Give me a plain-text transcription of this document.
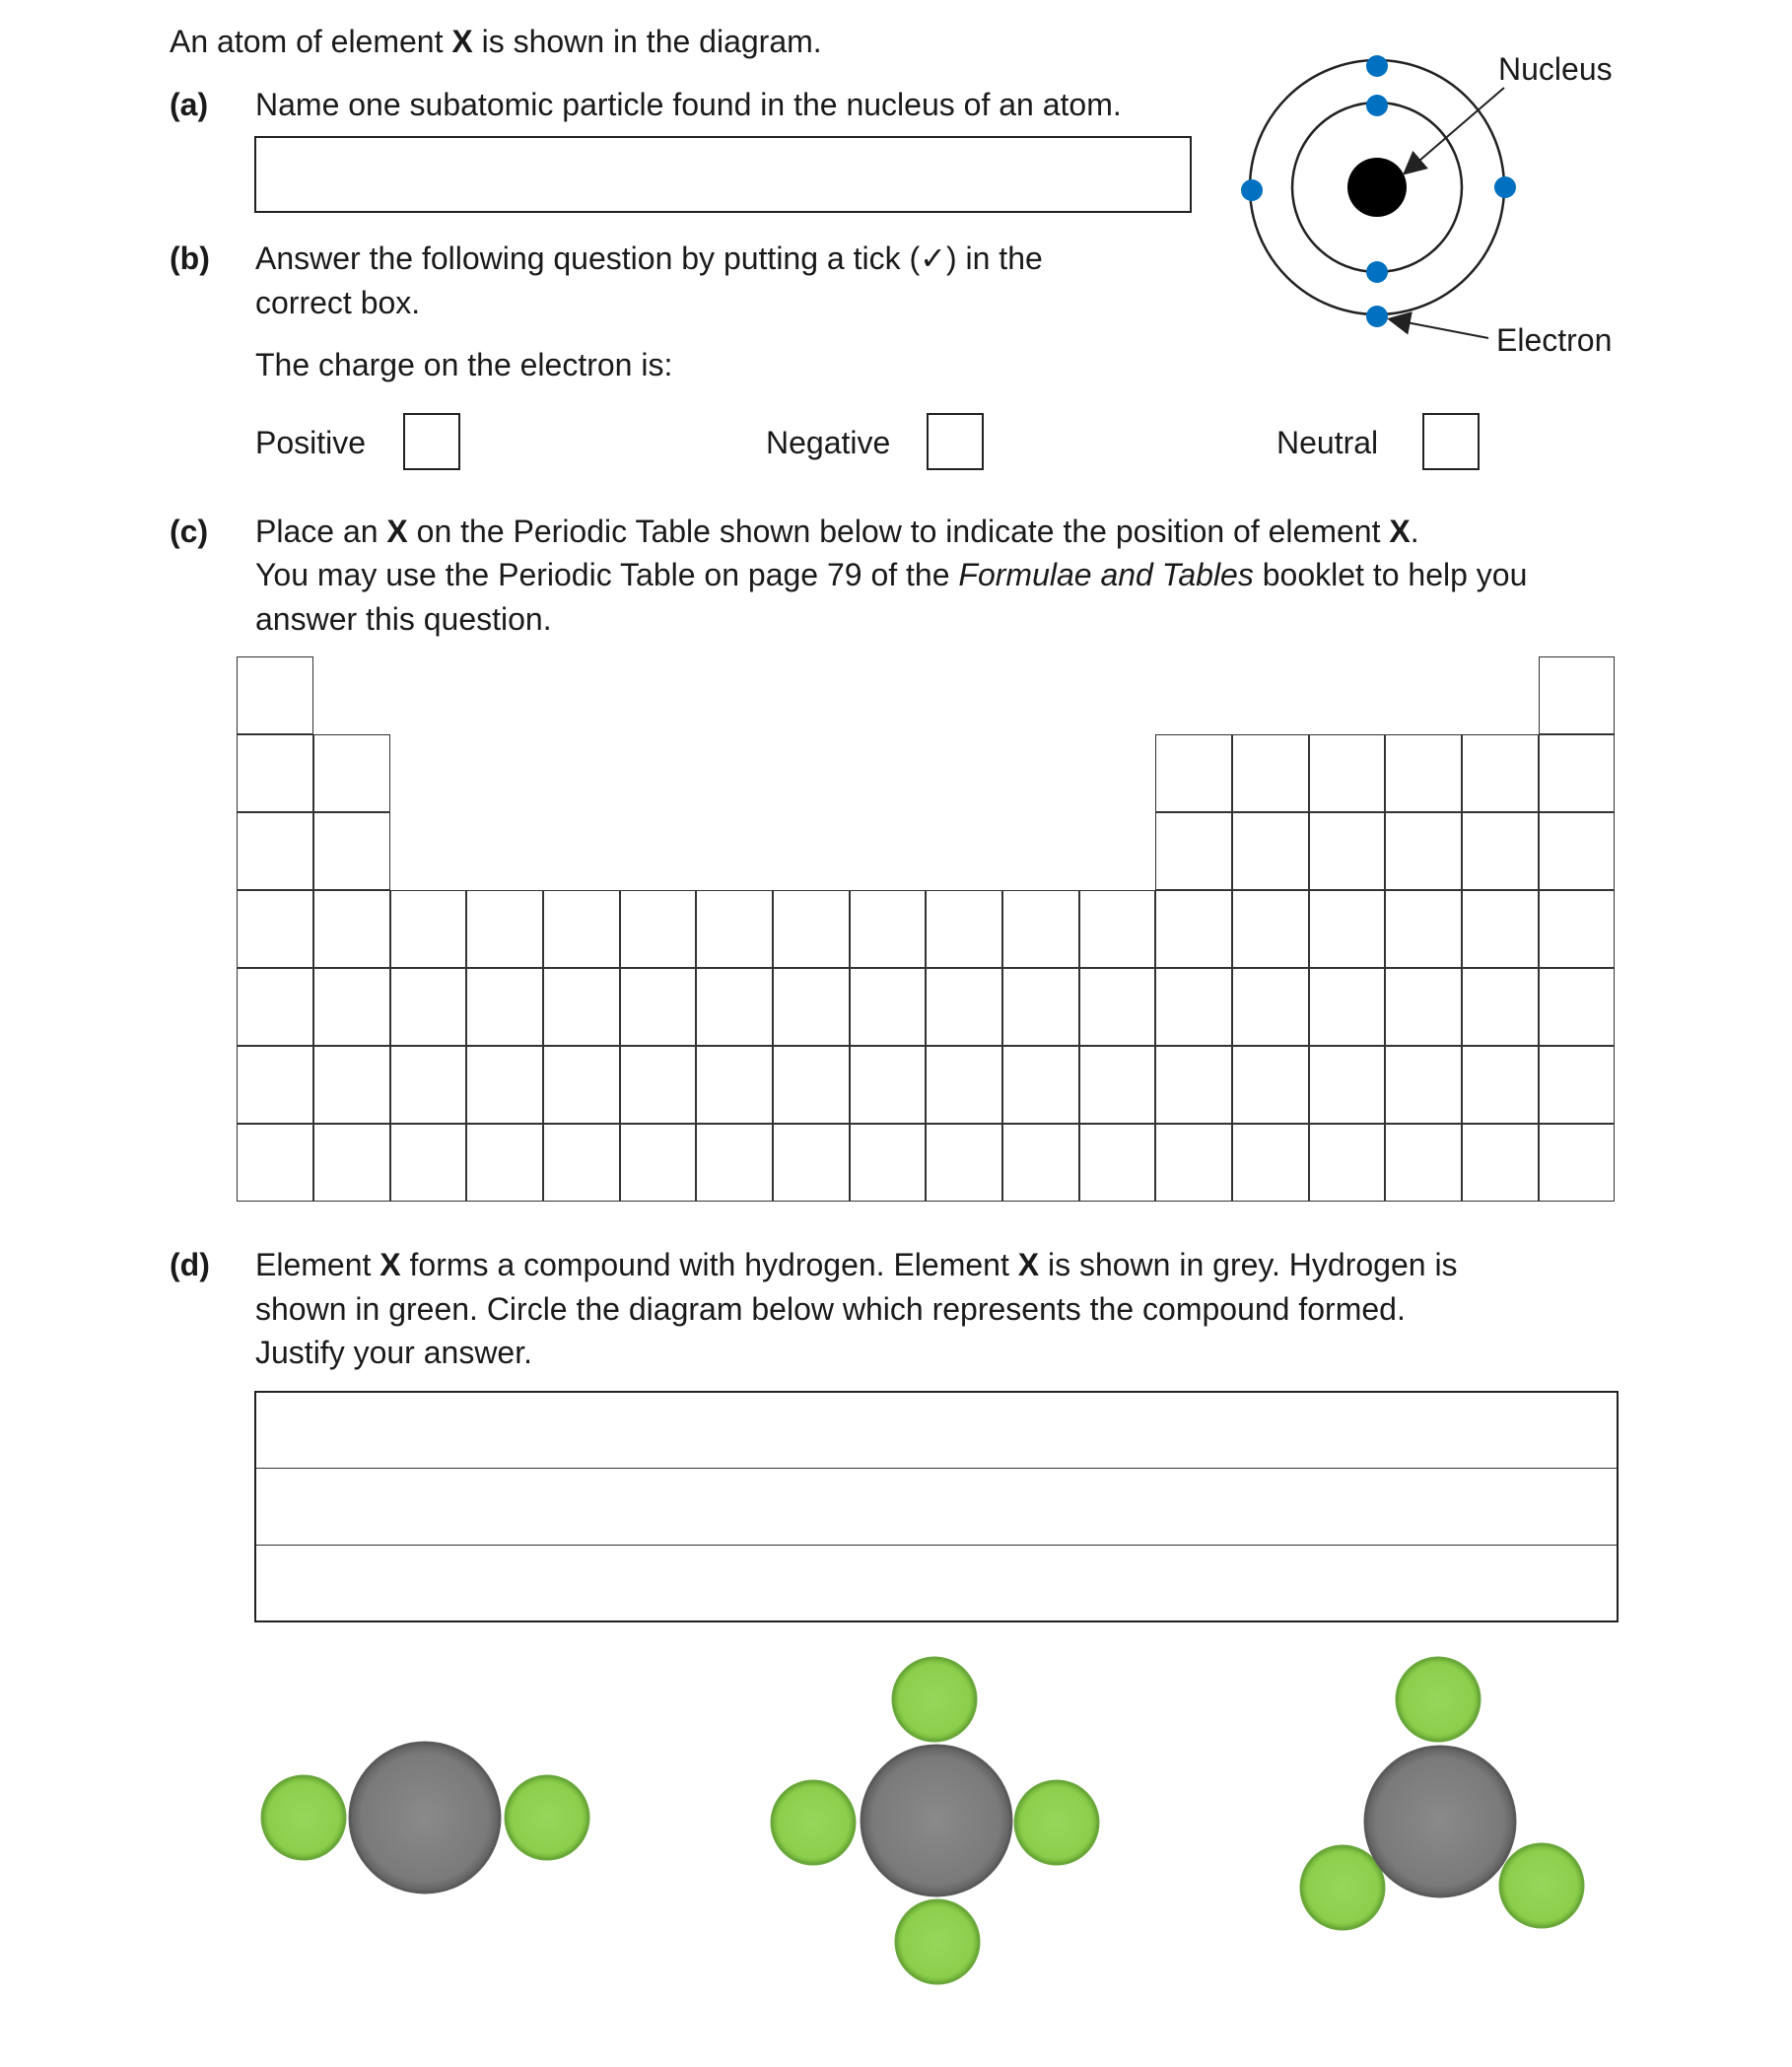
An atom of element X is shown in the diagram.
(a) Name one subatomic particle found in the nucleus of an atom.
Nucleus
Electron
(b) Answer the following question by putting a tick (✓) in the
correct box.
The charge on the electron is:
Positive	Negative	Neutral
(c) Place an X on the Periodic Table shown below to indicate the position of element X.
You may use the Periodic Table on page 79 of the Formulae and Tables booklet to help you
answer this question.
(d) Element X forms a compound with hydrogen. Element X is shown in grey. Hydrogen is
shown in green. Circle the diagram below which represents the compound formed.
Justify your answer.
